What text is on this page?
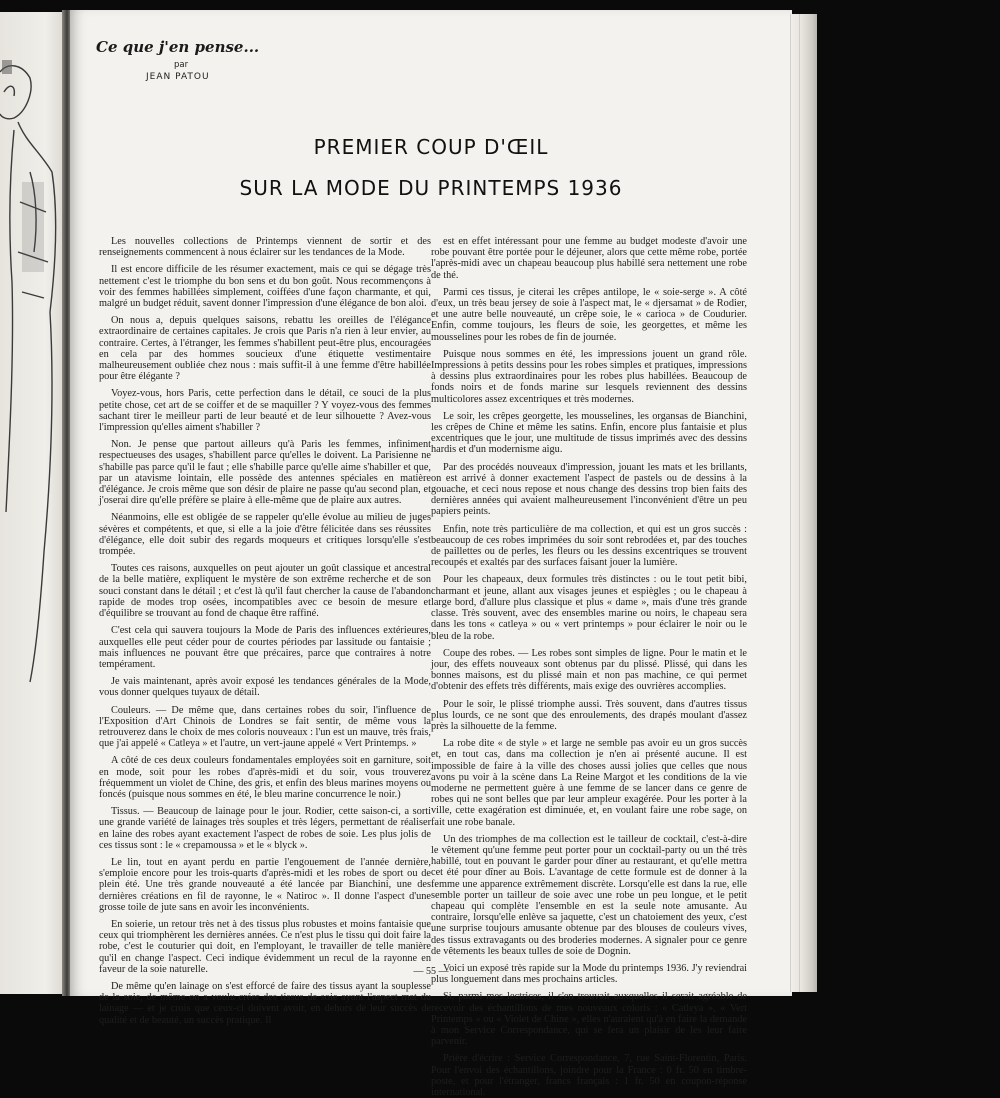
Ce que j'en pense...
par
JEAN PATOU
PREMIER COUP D'ŒIL
SUR LA MODE DU PRINTEMPS 1936

Les nouvelles collections de Printemps viennent de sortir et des renseignements commencent à nous éclairer sur les tendances de la Mode.

Il est encore difficile de les résumer exactement, mais ce qui se dégage très nettement c'est le triomphe du bon sens et du bon goût. Nous recommençons à voir des femmes habillées simplement, coiffées d'une façon charmante, et qui, malgré un budget réduit, savent donner l'impression d'une élégance de bon aloi.

On nous a, depuis quelques saisons, rebattu les oreilles de l'élégance extraordinaire de certaines capitales. Je crois que Paris n'a rien à leur envier, au contraire. Certes, à l'étranger, les femmes s'habillent peut-être plus, encouragées en cela par des hommes soucieux d'une étiquette vestimentaire malheureusement oubliée chez nous : mais suffit-il à une femme d'être habillée pour être élégante ?

Voyez-vous, hors Paris, cette perfection dans le détail, ce souci de la plus petite chose, cet art de se coiffer et de se maquiller ? Y voyez-vous des femmes sachant tirer le meilleur parti de leur beauté et de leur silhouette ? Avez-vous l'impression qu'elles aiment s'habiller ?

Non. Je pense que partout ailleurs qu'à Paris les femmes, infiniment respectueuses des usages, s'habillent parce qu'elles le doivent. La Parisienne ne s'habille pas parce qu'il le faut ; elle s'habille parce qu'elle aime s'habiller et que, par un atavisme lointain, elle possède des antennes spéciales en matière d'élégance. Je crois même que son désir de plaire ne passe qu'au second plan, et j'oserai dire qu'elle préfère se plaire à elle-même que de plaire aux autres.

Néanmoins, elle est obligée de se rappeler qu'elle évolue au milieu de juges sévères et compétents, et que, si elle a la joie d'être félicitée dans ses réussites d'élégance, elle doit subir des regards moqueurs et critiques lorsqu'elle s'est trompée.

Toutes ces raisons, auxquelles on peut ajouter un goût classique et ancestral de la belle matière, expliquent le mystère de son extrême recherche et de son souci constant dans le détail ; et c'est là qu'il faut chercher la cause de l'abandon rapide de modes trop osées, incompatibles avec ce besoin de mesure et d'équilibre se trouvant au fond de chaque être raffiné.

C'est cela qui sauvera toujours la Mode de Paris des influences extérieures, auxquelles elle peut céder pour de courtes périodes par lassitude ou fantaisie ; mais influences ne pouvant être que précaires, parce que contraires à notre tempérament.

Je vais maintenant, après avoir exposé les tendances générales de la Mode, vous donner quelques tuyaux de détail.

Couleurs. — De même que, dans certaines robes du soir, l'influence de l'Exposition d'Art Chinois de Londres se fait sentir, de même vous la retrouverez dans le choix de mes coloris nouveaux : l'un est un mauve, très frais, que j'ai appelé « Catleya » et l'autre, un vert-jaune appelé « Vert Printemps. »

A côté de ces deux couleurs fondamentales employées soit en garniture, soit en mode, soit pour les robes d'après-midi et du soir, vous trouverez fréquemment un violet de Chine, des gris, et enfin des bleus marines moyens ou foncés (puisque nous sommes en été, le bleu marine concurrence le noir.)

Tissus. — Beaucoup de lainage pour le jour. Rodier, cette saison-ci, a sorti une grande variété de lainages très souples et très légers, permettant de réaliser en laine des robes ayant exactement l'aspect de robes de soie. Les plus jolis de ces tissus sont : le « crepamoussa » et le « blyck ».

Le lin, tout en ayant perdu en partie l'engouement de l'année dernière, s'emploie encore pour les trois-quarts d'après-midi et les robes de sport ou de plein été. Une très grande nouveauté a été lancée par Bianchini, une des dernières créations en fil de rayonne, le « Natiroc ». Il donne l'aspect d'une grosse toile de jute sans en avoir les inconvénients.

En soierie, un retour très net à des tissus plus robustes et moins fantaisie que ceux qui triomphèrent les dernières années. Ce n'est plus le tissu qui doit faire la robe, c'est le couturier qui doit, en l'employant, le travailler de telle manière qu'il en change l'aspect. Ceci indique évidemment un recul de la rayonne en faveur de la soie naturelle.

De même qu'en lainage on s'est efforcé de faire des tissus ayant la souplesse de la soie, de même on a voulu créer des tissus de soie ayant l'aspect mat du lainage — et je crois que ceux-ci doivent avoir, en dehors de leur succès de qualité et de beauté, un succès pratique. Il

est en effet intéressant pour une femme au budget modeste d'avoir une robe pouvant être portée pour le déjeuner, alors que cette même robe, portée l'après-midi avec un chapeau beaucoup plus habillé sera nettement une robe de thé.

Parmi ces tissus, je citerai les crêpes antilope, le « soie-serge ». A côté d'eux, un très beau jersey de soie à l'aspect mat, le « djersamat » de Rodier, et une autre belle nouveauté, un crêpe soie, le « carioca » de Coudurier. Enfin, comme toujours, les fleurs de soie, les georgettes, et même les mousselines pour les robes de fin de journée.

Puisque nous sommes en été, les impressions jouent un grand rôle. Impressions à petits dessins pour les robes simples et pratiques, impressions à dessins plus extraordinaires pour les robes plus habillées. Beaucoup de fonds noirs et de fonds marine sur lesquels reviennent des dessins multicolores assez excentriques et très modernes.

Le soir, les crêpes georgette, les mousselines, les organsas de Bianchini, les crêpes de Chine et même les satins. Enfin, encore plus fantaisie et plus excentriques que le jour, une multitude de tissus imprimés avec des dessins hardis et d'un modernisme aigu.

Par des procédés nouveaux d'impression, jouant les mats et les brillants, on est arrivé à donner exactement l'aspect de pastels ou de dessins à la gouache, et ceci nous repose et nous change des dessins trop bien faits des dernières années qui avaient malheureusement l'inconvénient d'être un peu papiers peints.

Enfin, note très particulière de ma collection, et qui est un gros succès : beaucoup de ces robes imprimées du soir sont rebrodées et, par des touches de paillettes ou de perles, les fleurs ou les dessins excentriques se trouvent recoupés et exaltés par des surfaces faisant jouer la lumière.

Pour les chapeaux, deux formules très distinctes : ou le tout petit bibi, charmant et jeune, allant aux visages jeunes et espiègles ; ou le chapeau à large bord, d'allure plus classique et plus « dame », mais d'une très grande classe. Très souvent, avec des ensembles marine ou noirs, le chapeau sera dans les tons « catleya » ou « vert printemps » pour éclairer le noir ou le bleu de la robe.

Coupe des robes. — Les robes sont simples de ligne. Pour le matin et le jour, des effets nouveaux sont obtenus par du plissé. Plissé, qui dans les bonnes maisons, est du plissé main et non pas machine, ce qui permet d'obtenir des effets très différents, mais exige des ouvrières accomplies.

Pour le soir, le plissé triomphe aussi. Très souvent, dans d'autres tissus plus lourds, ce ne sont que des enroulements, des drapés moulant d'assez près la silhouette de la femme.

La robe dite « de style » et large ne semble pas avoir eu un gros succès et, en tout cas, dans ma collection je n'en ai présenté aucune. Il est impossible de faire à la ville des choses aussi jolies que celles que nous avons pu voir à la scène dans La Reine Margot et les conditions de la vie moderne ne permettent guère à une femme de se lancer dans ce genre de robes qui ne sont belles que par leur ampleur exagérée. Pour les porter à la ville, cette exagération est diminuée, et, en voulant faire une robe sage, on fait une robe banale.

Un des triomphes de ma collection est le tailleur de cocktail, c'est-à-dire le vêtement qu'une femme peut porter pour un cocktail-party ou un thé très habillé, tout en pouvant le garder pour dîner au restaurant, et qu'elle mettra cet été pour dîner au Bois. L'avantage de cette formule est de donner à la femme une apparence extrêmement discrète. Lorsqu'elle est dans la rue, elle semble porter un tailleur de soie avec une robe un peu longue, et le petit chapeau qui complète l'ensemble en est la seule note amusante. Au contraire, lorsqu'elle enlève sa jaquette, c'est un chatoiement des yeux, c'est une surprise toujours amusante obtenue par des blouses de couleurs vives, des tissus extravagants ou des broderies modernes. A signaler pour ce genre de vêtements les beaux tulles de soie de Dognin.

Voici un exposé très rapide sur la Mode du printemps 1936. J'y reviendrai plus longuement dans mes prochains articles.

Si, parmi mes lectrices, il s'en trouvait auxquelles il serait agréable de recevoir des échantillons de mes nouveaux coloris : « Catleya », « Vert Printemps » ou « Violet de Chine », elles n'auraient qu'à en faire la demande à mon Service Correspondance, qui se fera un plaisir de les leur faire parvenir.

Prière d'écrire : Service Correspondance, 7, rue Saint-Florentin, Paris. Pour l'envoi des échantillons, joindre pour la France : 0 fr. 50 en timbre-poste, et pour l'étranger, francs français : 1 fr. 50 en coupon-réponse international.

— 55 —
